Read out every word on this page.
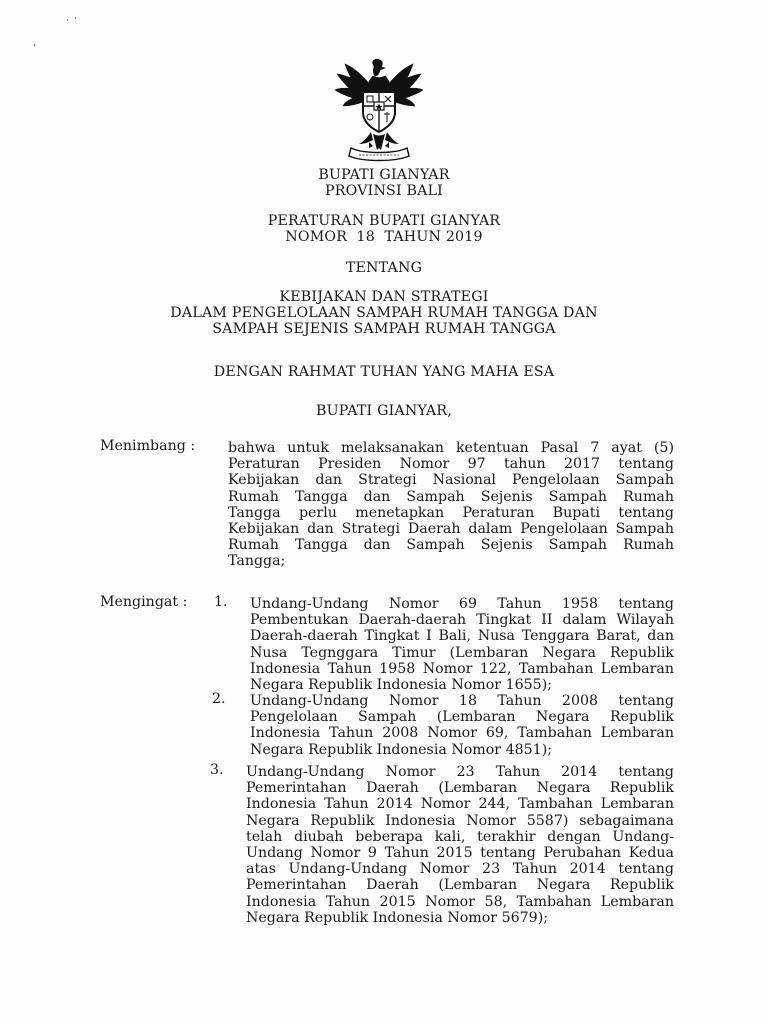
· ·
'
BUPATI GIANYAR
PROVINSI BALI
PERATURAN BUPATI GIANYAR
NOMOR  18  TAHUN 2019
TENTANG
KEBIJAKAN DAN STRATEGI
DALAM PENGELOLAAN SAMPAH RUMAH TANGGA DAN
SAMPAH SEJENIS SAMPAH RUMAH TANGGA
DENGAN RAHMAT TUHAN YANG MAHA ESA
BUPATI GIANYAR,
Menimbang : bahwa untuk melaksanakan ketentuan Pasal 7 ayat (5)
Peraturan Presiden Nomor 97 tahun 2017 tentang
Kebijakan dan Strategi Nasional Pengelolaan Sampah
Rumah Tangga dan Sampah Sejenis Sampah Rumah
Tangga perlu menetapkan Peraturan Bupati tentang
Kebijakan dan Strategi Daerah dalam Pengelolaan Sampah
Rumah Tangga dan Sampah Sejenis Sampah Rumah
Tangga;
Mengingat : 1. Undang-Undang Nomor 69 Tahun 1958 tentang
Pembentukan Daerah-daerah Tingkat II dalam Wilayah
Daerah-daerah Tingkat I Bali, Nusa Tenggara Barat, dan
Nusa Tegnggara Timur (Lembaran Negara Republik
Indonesia Tahun 1958 Nomor 122, Tambahan Lembaran
Negara Republik Indonesia Nomor 1655);
2. Undang-Undang Nomor 18 Tahun 2008 tentang
Pengelolaan Sampah (Lembaran Negara Republik
Indonesia Tahun 2008 Nomor 69, Tambahan Lembaran
Negara Republik Indonesia Nomor 4851);
3. Undang-Undang Nomor 23 Tahun 2014 tentang
Pemerintahan Daerah (Lembaran Negara Republik
Indonesia Tahun 2014 Nomor 244, Tambahan Lembaran
Negara Republik Indonesia Nomor 5587) sebagaimana
telah diubah beberapa kali, terakhir dengan Undang-
Undang Nomor 9 Tahun 2015 tentang Perubahan Kedua
atas Undang-Undang Nomor 23 Tahun 2014 tentang
Pemerintahan Daerah (Lembaran Negara Republik
Indonesia Tahun 2015 Nomor 58, Tambahan Lembaran
Negara Republik Indonesia Nomor 5679);
